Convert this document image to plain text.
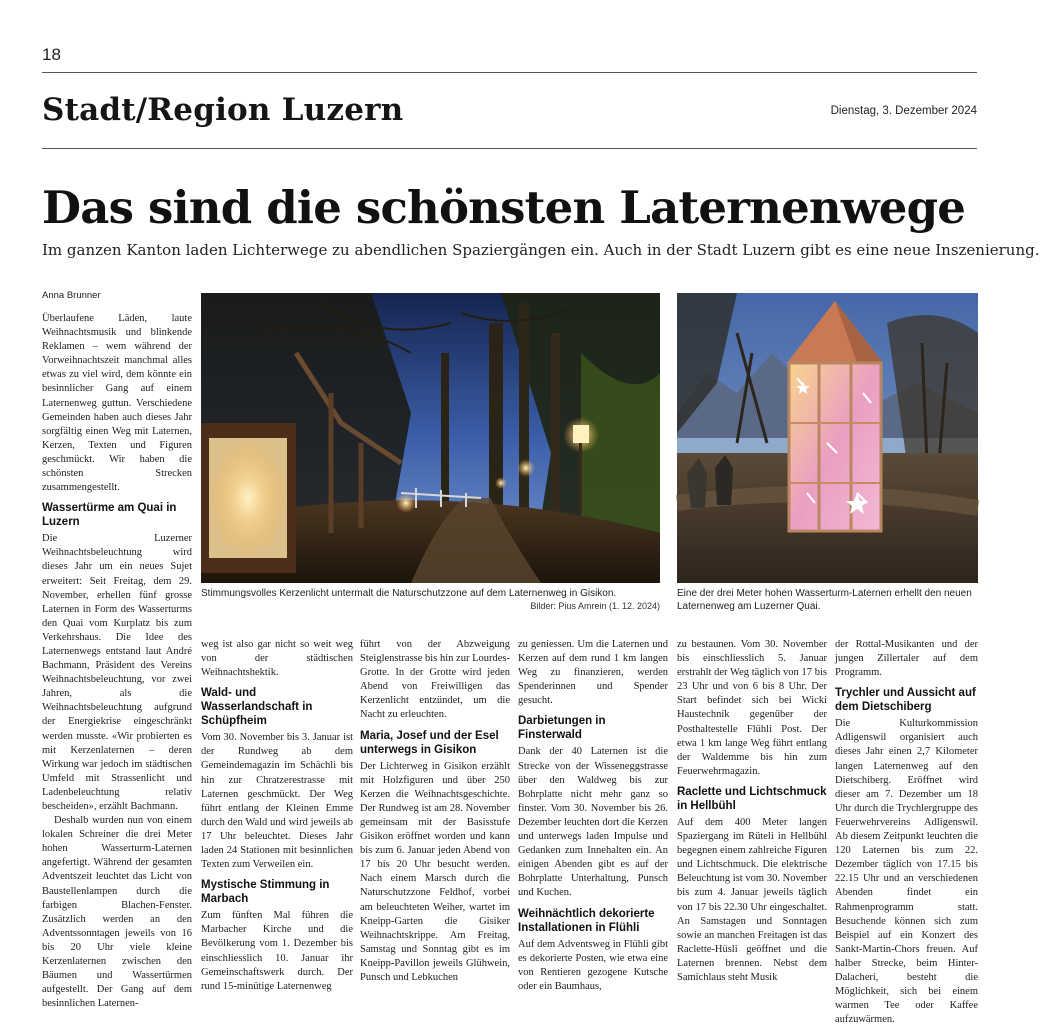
18
Stadt/Region Luzern	Dienstag, 3. Dezember 2024
Das sind die schönsten Laternenwege
Im ganzen Kanton laden Lichterwege zu abendlichen Spaziergängen ein. Auch in der Stadt Luzern gibt es eine neue Inszenierung.
Anna Brunner

Überlaufene Läden, laute Weihnachtsmusik und blinkende Reklamen – wem während der Vorweihnachtszeit manchmal alles etwas zu viel wird, dem könnte ein besinnlicher Gang auf einem Laternenweg guttun. Verschiedene Gemeinden haben auch dieses Jahr sorgfältig einen Weg mit Laternen, Kerzen, Texten und Figuren geschmückt. Wir haben die schönsten Strecken zusammengestellt.

Wassertürme am Quai in Luzern

Die Luzerner Weihnachtsbeleuchtung wird dieses Jahr um ein neues Sujet erweitert: Seit Freitag, dem 29. November, erhellen fünf grosse Laternen in Form des Wasserturms den Quai vom Kurplatz bis zum Verkehrshaus. Die Idee des Laternenwegs entstand laut André Bachmann, Präsident des Vereins Weihnachtsbeleuchtung, vor zwei Jahren, als die Weihnachtsbeleuchtung aufgrund der Energiekrise eingeschränkt werden musste. «Wir probierten es mit Kerzenlaternen – deren Wirkung war jedoch im städtischen Umfeld mit Strassenlicht und Ladenbeleuchtung relativ bescheiden», erzählt Bachmann.

Deshalb wurden nun von einem lokalen Schreiner die drei Meter hohen Wasserturm-Laternen angefertigt. Während der gesamten Adventszeit leuchtet das Licht von Baustellenlampen durch die farbigen Blachen-Fenster. Zusätzlich werden an den Adventssonntagen jeweils von 16 bis 20 Uhr viele kleine Kerzenlaternen zwischen den Bäumen und Wassertürmen aufgestellt. Der Gang auf dem besinnlichen Laternen-

Stimmungsvolles Kerzenlicht untermalt die Naturschutzzone auf dem Laternenweg in Gisikon.
Bilder: Pius Amrein (1. 12. 2024)
Eine der drei Meter hohen Wasserturm-Laternen erhellt den neuen Laternenweg am Luzerner Quai.

weg ist also gar nicht so weit weg von der städtischen Weihnachtshektik.

Wald- und Wasserlandschaft in Schüpfheim

Vom 30. November bis 3. Januar ist der Rundweg ab dem Gemeindemagazin im Schächli bis hin zur Chratzerestrasse mit Laternen geschmückt. Der Weg führt entlang der Kleinen Emme durch den Wald und wird jeweils ab 17 Uhr beleuchtet. Dieses Jahr laden 24 Stationen mit besinnlichen Texten zum Verweilen ein.

Mystische Stimmung in Marbach

Zum fünften Mal führen die Marbacher Kirche und die Bevölkerung vom 1. Dezember bis einschliesslich 10. Januar ihr Gemeinschaftswerk durch. Der rund 15-minütige Laternenweg

führt von der Abzweigung Steiglenstrasse bis hin zur Lourdes-Grotte. In der Grotte wird jeden Abend von Freiwilligen das Kerzenlicht entzündet, um die Nacht zu erleuchten.

Maria, Josef und der Esel unterwegs in Gisikon

Der Lichterweg in Gisikon erzählt mit Holzfiguren und über 250 Kerzen die Weihnachtsgeschichte. Der Rundweg ist am 28. November gemeinsam mit der Basisstufe Gisikon eröffnet worden und kann bis zum 6. Januar jeden Abend von 17 bis 20 Uhr besucht werden. Nach einem Marsch durch die Naturschutzzone Feldhof, vorbei am beleuchteten Weiher, wartet im Kneipp-Garten die Gisiker Weihnachtskrippe. Am Freitag, Samstag und Sonntag gibt es im Kneipp-Pavillon jeweils Glühwein, Punsch und Lebkuchen

zu geniessen. Um die Laternen und Kerzen auf dem rund 1 km langen Weg zu finanzieren, werden Spenderinnen und Spender gesucht.

Darbietungen in Finsterwald

Dank der 40 Laternen ist die Strecke von der Wisseneggstrasse über den Waldweg bis zur Bohrplatte nicht mehr ganz so finster. Vom 30. November bis 26. Dezember leuchten dort die Kerzen und unterwegs laden Impulse und Gedanken zum Innehalten ein. An einigen Abenden gibt es auf der Bohrplatte Unterhaltung, Punsch und Kuchen.

Weihnächtlich dekorierte Installationen in Flühli

Auf dem Adventsweg in Flühli gibt es dekorierte Posten, wie etwa eine von Rentieren gezogene Kutsche oder ein Baumhaus,

zu bestaunen. Vom 30. November bis einschliesslich 5. Januar erstrahlt der Weg täglich von 17 bis 23 Uhr und von 6 bis 8 Uhr. Der Start befindet sich bei Wicki Haustechnik gegenüber der Posthaltestelle Flühli Post. Der etwa 1 km lange Weg führt entlang der Waldemme bis hin zum Feuerwehrmagazin.

Raclette und Lichtschmuck in Hellbühl

Auf dem 400 Meter langen Spaziergang im Rüteli in Hellbühl begegnen einem zahlreiche Figuren und Lichtschmuck. Die elektrische Beleuchtung ist vom 30. November bis zum 4. Januar jeweils täglich von 17 bis 22.30 Uhr eingeschaltet. An Samstagen und Sonntagen sowie an manchen Freitagen ist das Raclette-Hüsli geöffnet und die Laternen brennen. Nebst dem Samichlaus steht Musik

der Rottal-Musikanten und der jungen Zillertaler auf dem Programm.

Trychler und Aussicht auf dem Dietschiberg

Die Kulturkommission Adligenswil organisiert auch dieses Jahr einen 2,7 Kilometer langen Laternenweg auf den Dietschiberg. Eröffnet wird dieser am 7. Dezember um 18 Uhr durch die Trychlergruppe des Feuerwehrvereins Adligenswil. Ab diesem Zeitpunkt leuchten die 120 Laternen bis zum 22. Dezember täglich von 17.15 bis 22.15 Uhr und an verschiedenen Abenden findet ein Rahmenprogramm statt. Besuchende können sich zum Beispiel auf ein Konzert des Sankt-Martin-Chors freuen. Auf halber Strecke, beim Hinter-Dalacheri, besteht die Möglichkeit, sich bei einem warmen Tee oder Kaffee aufzuwärmen.
